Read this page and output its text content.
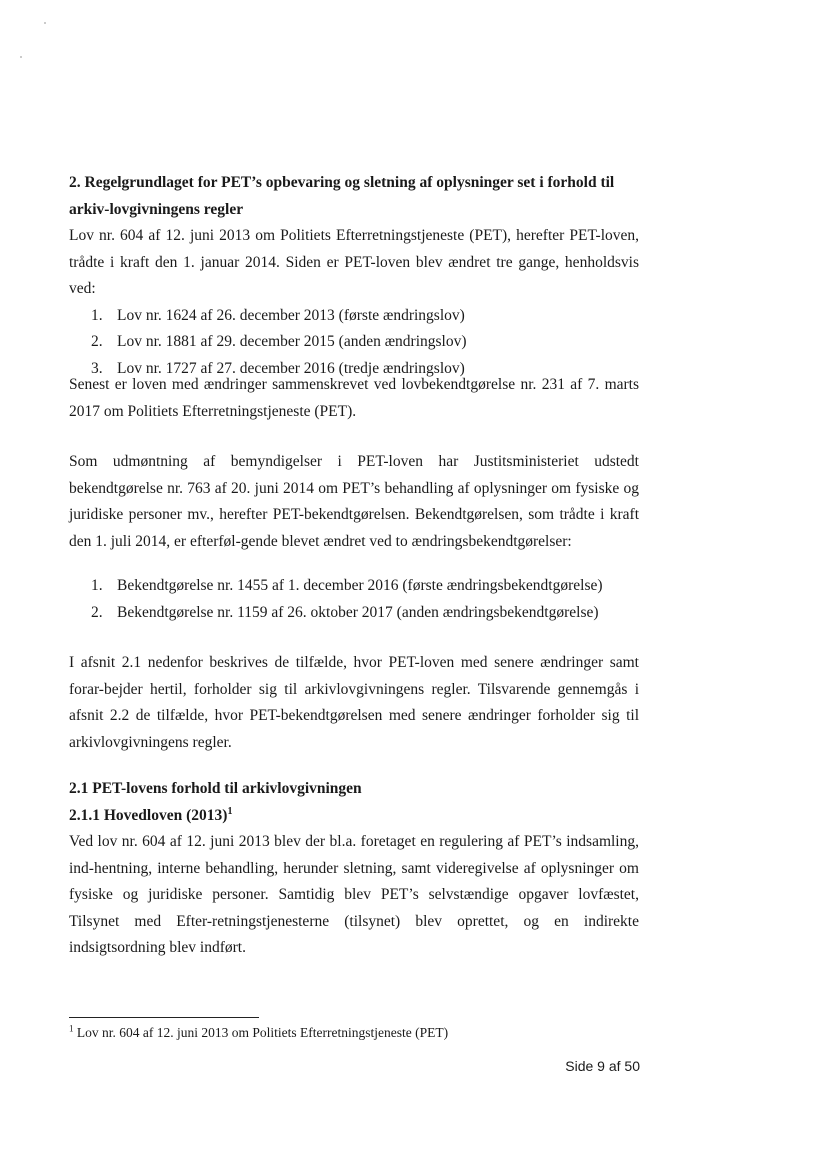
2. Regelgrundlaget for PET’s opbevaring og sletning af oplysninger set i forhold til arkiv-lovgivningens regler

Lov nr. 604 af 12. juni 2013 om Politiets Efterretningstjeneste (PET), herefter PET-loven, trådte i kraft den 1. januar 2014. Siden er PET-loven blev ændret tre gange, henholdsvis ved:

1. Lov nr. 1624 af 26. december 2013 (første ændringslov)
2. Lov nr. 1881 af 29. december 2015 (anden ændringslov)
3. Lov nr. 1727 af 27. december 2016 (tredje ændringslov)
Senest er loven med ændringer sammenskrevet ved lovbekendtgørelse nr. 231 af 7. marts 2017 om Politiets Efterretningstjeneste (PET).
Som udmøntning af bemyndigelser i PET-loven har Justitsministeriet udstedt bekendtgørelse nr. 763 af 20. juni 2014 om PET’s behandling af oplysninger om fysiske og juridiske personer mv., herefter PET-bekendtgørelsen. Bekendtgørelsen, som trådte i kraft den 1. juli 2014, er efterføl-gende blevet ændret ved to ændringsbekendtgørelser:
1. Bekendtgørelse nr. 1455 af 1. december 2016 (første ændringsbekendtgørelse)
2. Bekendtgørelse nr. 1159 af 26. oktober 2017 (anden ændringsbekendtgørelse)
I afsnit 2.1 nedenfor beskrives de tilfælde, hvor PET-loven med senere ændringer samt forar-bejder hertil, forholder sig til arkivlovgivningens regler. Tilsvarende gennemgås i afsnit 2.2 de tilfælde, hvor PET-bekendtgørelsen med senere ændringer forholder sig til arkivlovgivningens regler.
2.1 PET-lovens forhold til arkivlovgivningen
2.1.1 Hovedloven $(2013)^1$

Ved lov nr. 604 af 12. juni 2013 blev der bl.a. foretaget en regulering af PET’s indsamling, ind-hentning, interne behandling, herunder sletning, samt videregivelse af oplysninger om fysiske og juridiske personer. Samtidig blev PET’s selvstændige opgaver lovfæstet, Tilsynet med Efter-retningstjenesterne (tilsynet) blev oprettet, og en indirekte indsigtsordning blev indført.

$^1$ Lov nr. 604 af 12. juni 2013 om Politiets Efterretningstjeneste (PET)
Side 9 af 50
